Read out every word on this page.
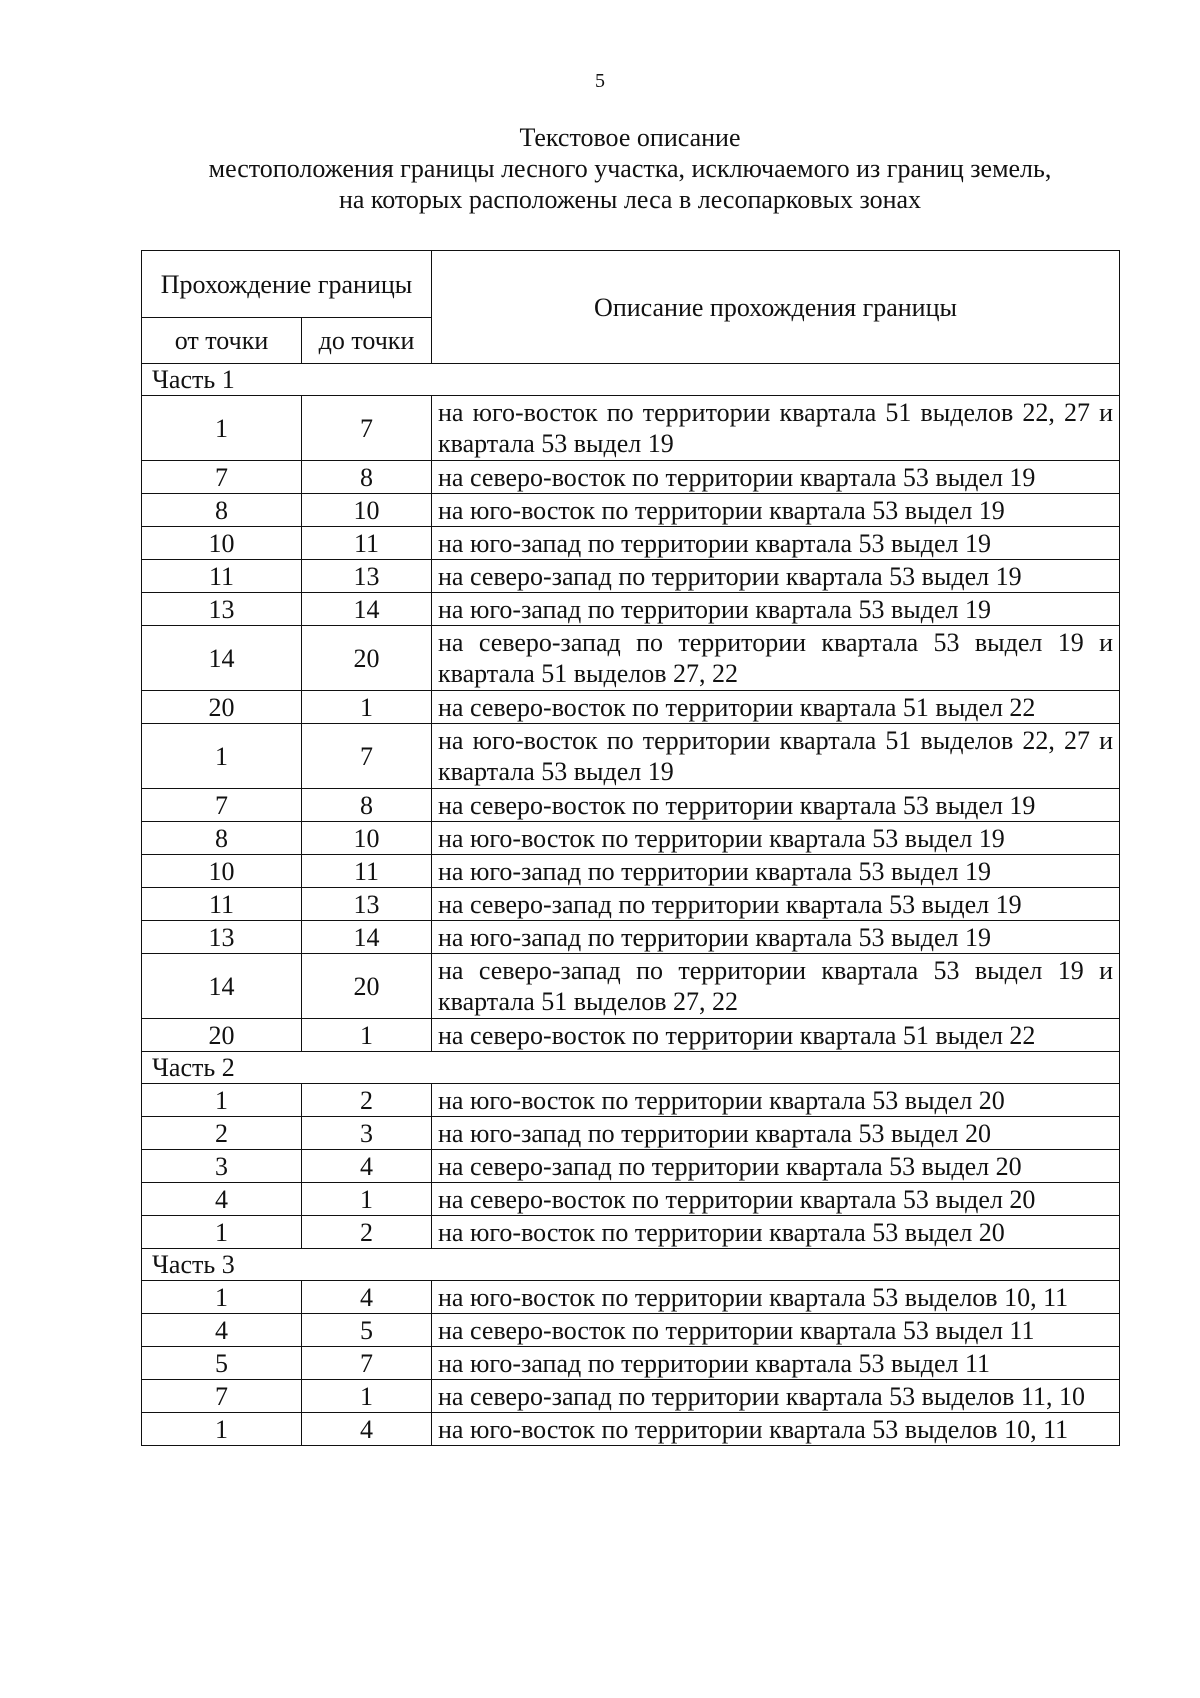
5
Текстовое описание
местоположения границы лесного участка, исключаемого из границ земель,
на которых расположены леса в лесопарковых зонах
Прохождение границы		Описание прохождения границы
от точки	до точки	
Часть 1		
1	7	на юго-восток по территории квартала 51 выделов 22, 27 и квартала 53 выдел 19
7	8	на северо-восток по территории квартала 53 выдел 19
8	10	на юго-восток по территории квартала 53 выдел 19
10	11	на юго-запад по территории квартала 53 выдел 19
11	13	на северо-запад по территории квартала 53 выдел 19
13	14	на юго-запад по территории квартала 53 выдел 19
14	20	на северо-запад по территории квартала 53 выдел 19 и квартала 51 выделов 27, 22
20	1	на северо-восток по территории квартала 51 выдел 22
1	7	на юго-восток по территории квартала 51 выделов 22, 27 и квартала 53 выдел 19
7	8	на северо-восток по территории квартала 53 выдел 19
8	10	на юго-восток по территории квартала 53 выдел 19
10	11	на юго-запад по территории квартала 53 выдел 19
11	13	на северо-запад по территории квартала 53 выдел 19
13	14	на юго-запад по территории квартала 53 выдел 19
14	20	на северо-запад по территории квартала 53 выдел 19 и квартала 51 выделов 27, 22
20	1	на северо-восток по территории квартала 51 выдел 22
Часть 2		
1	2	на юго-восток по территории квартала 53 выдел 20
2	3	на юго-запад по территории квартала 53 выдел 20
3	4	на северо-запад по территории квартала 53 выдел 20
4	1	на северо-восток по территории квартала 53 выдел 20
1	2	на юго-восток по территории квартала 53 выдел 20
Часть 3		
1	4	на юго-восток по территории квартала 53 выделов 10, 11
4	5	на северо-восток по территории квартала 53 выдел 11
5	7	на юго-запад по территории квартала 53 выдел 11
7	1	на северо-запад по территории квартала 53 выделов 11, 10
1	4	на юго-восток по территории квартала 53 выделов 10, 11
